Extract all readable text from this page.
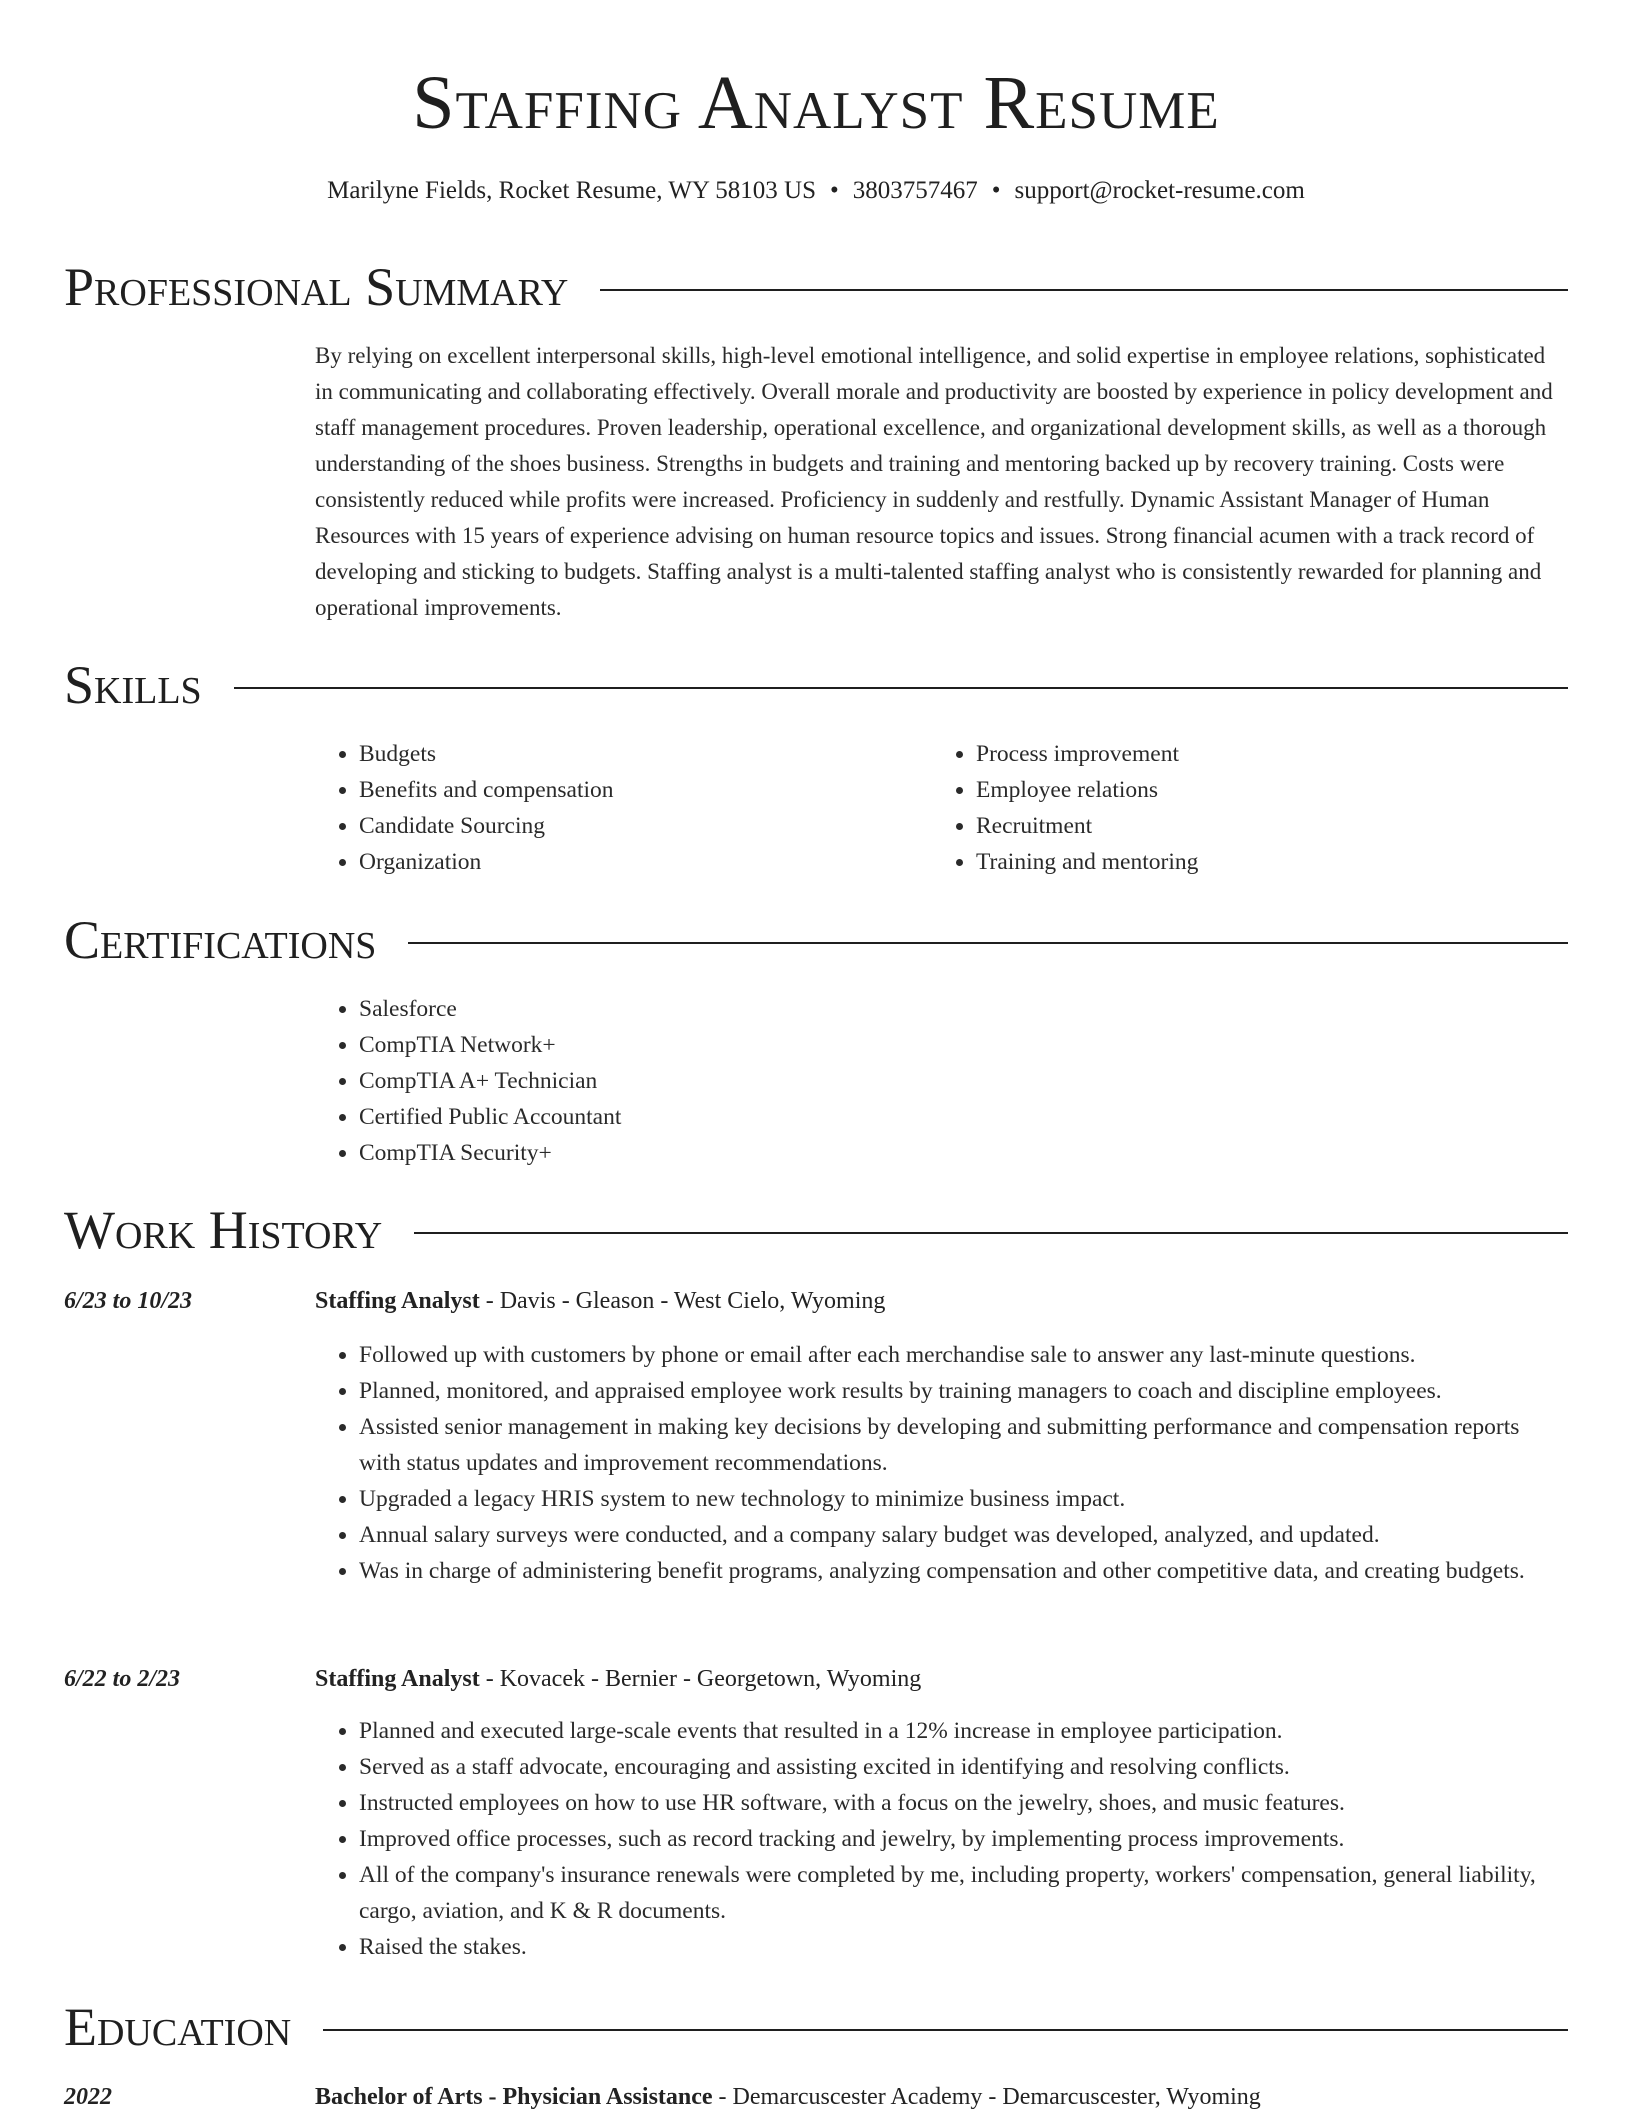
Staffing Analyst Resume
Marilyne Fields, Rocket Resume, WY 58103 US • 3803757467 • support@rocket-resume.com
Professional Summary

By relying on excellent interpersonal skills, high-level emotional intelligence, and solid expertise in employee relations, sophisticated in communicating and collaborating effectively. Overall morale and productivity are boosted by experience in policy development and staff management procedures. Proven leadership, operational excellence, and organizational development skills, as well as a thorough understanding of the shoes business. Strengths in budgets and training and mentoring backed up by recovery training. Costs were consistently reduced while profits were increased. Proficiency in suddenly and restfully. Dynamic Assistant Manager of Human Resources with 15 years of experience advising on human resource topics and issues. Strong financial acumen with a track record of developing and sticking to budgets. Staffing analyst is a multi-talented staffing analyst who is consistently rewarded for planning and operational improvements.

Skills
• Budgets
• Benefits and compensation
• Candidate Sourcing
• Organization
• Process improvement
• Employee relations
• Recruitment
• Training and mentoring
Certifications
• Salesforce
• CompTIA Network+
• CompTIA A+ Technician
• Certified Public Accountant
• CompTIA Security+
Work History
6/23 to 10/23	Staffing Analyst - Davis - Gleason - West Cielo, Wyoming
• Followed up with customers by phone or email after each merchandise sale to answer any last-minute questions.
• Planned, monitored, and appraised employee work results by training managers to coach and discipline employees.
• Assisted senior management in making key decisions by developing and submitting performance and compensation reports with status updates and improvement recommendations.
• Upgraded a legacy HRIS system to new technology to minimize business impact.
• Annual salary surveys were conducted, and a company salary budget was developed, analyzed, and updated.
• Was in charge of administering benefit programs, analyzing compensation and other competitive data, and creating budgets.
6/22 to 2/23	Staffing Analyst - Kovacek - Bernier - Georgetown, Wyoming
• Planned and executed large-scale events that resulted in a 12% increase in employee participation.
• Served as a staff advocate, encouraging and assisting excited in identifying and resolving conflicts.
• Instructed employees on how to use HR software, with a focus on the jewelry, shoes, and music features.
• Improved office processes, such as record tracking and jewelry, by implementing process improvements.
• All of the company's insurance renewals were completed by me, including property, workers' compensation, general liability, cargo, aviation, and K & R documents.
• Raised the stakes.
Education
2022	Bachelor of Arts - Physician Assistance - Demarcuscester Academy - Demarcuscester, Wyoming
